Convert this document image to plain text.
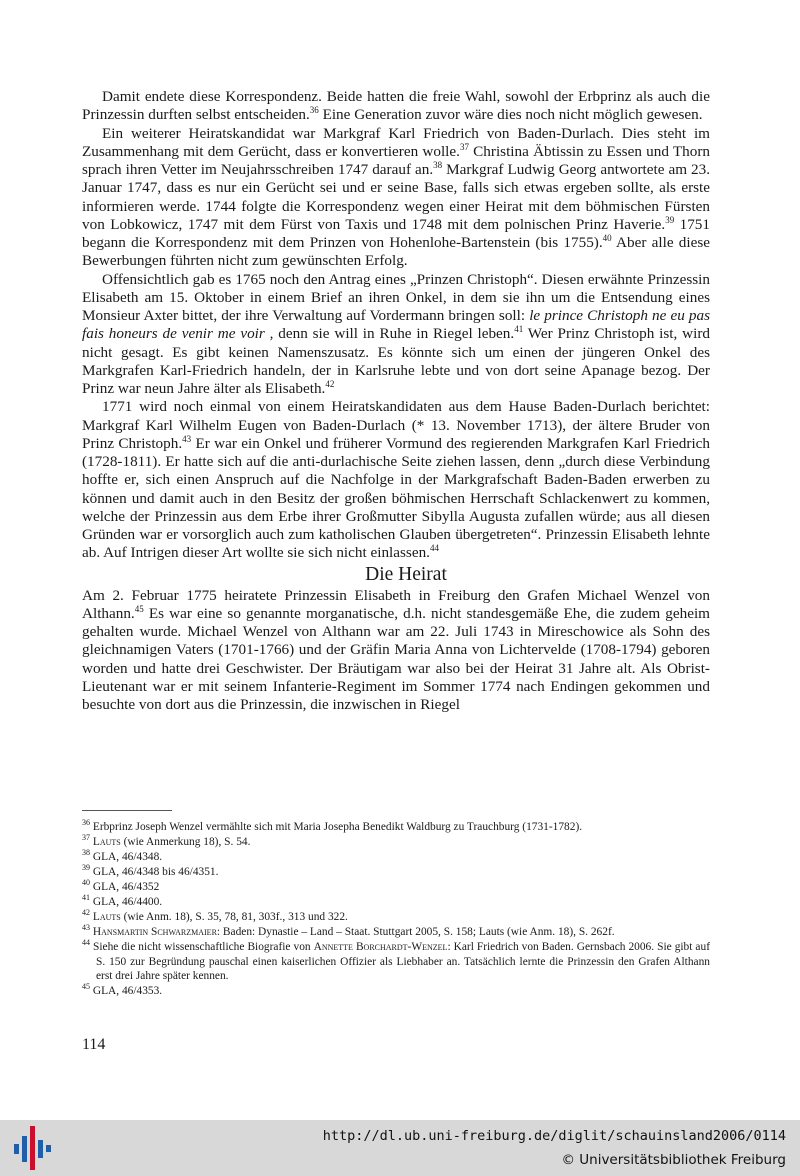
Damit endete diese Korrespondenz. Beide hatten die freie Wahl, sowohl der Erbprinz als auch die Prinzessin durften selbst entscheiden.$^{36}$ Eine Generation zuvor wäre dies noch nicht möglich gewesen.

Ein weiterer Heiratskandidat war Markgraf Karl Friedrich von Baden-Durlach. Dies steht im Zusammenhang mit dem Gerücht, dass er konvertieren wolle.$^{37}$ Christina Äbtissin zu Essen und Thorn sprach ihren Vetter im Neujahrsschreiben 1747 darauf an.$^{38}$ Markgraf Ludwig Georg antwortete am 23. Januar 1747, dass es nur ein Gerücht sei und er seine Base, falls sich etwas ergeben sollte, als erste informieren werde. 1744 folgte die Korrespondenz wegen einer Heirat mit dem böhmischen Fürsten von Lobkowicz, 1747 mit dem Fürst von Taxis und 1748 mit dem polnischen Prinz Haverie.$^{39}$ 1751 begann die Korrespondenz mit dem Prinzen von Hohenlohe-Bartenstein (bis 1755).$^{40}$ Aber alle diese Bewerbungen führten nicht zum gewünschten Erfolg.

Offensichtlich gab es 1765 noch den Antrag eines „Prinzen Christoph“. Diesen erwähnte Prinzessin Elisabeth am 15. Oktober in einem Brief an ihren Onkel, in dem sie ihn um die Entsendung eines Monsieur Axter bittet, der ihre Verwaltung auf Vordermann bringen soll: le prince Christoph ne eu pas fais honeurs de venir me voir , denn sie will in Ruhe in Riegel leben.$^{41}$ Wer Prinz Christoph ist, wird nicht gesagt. Es gibt keinen Namenszusatz. Es könnte sich um einen der jüngeren Onkel des Markgrafen Karl-Friedrich handeln, der in Karlsruhe lebte und von dort seine Apanage bezog. Der Prinz war neun Jahre älter als Elisabeth.$^{42}$

1771 wird noch einmal von einem Heiratskandidaten aus dem Hause Baden-Durlach berichtet: Markgraf Karl Wilhelm Eugen von Baden-Durlach (* 13. November 1713), der ältere Bruder von Prinz Christoph.$^{43}$ Er war ein Onkel und früherer Vormund des regierenden Markgrafen Karl Friedrich (1728-1811). Er hatte sich auf die anti-durlachische Seite ziehen lassen, denn „durch diese Verbindung hoffte er, sich einen Anspruch auf die Nachfolge in der Markgrafschaft Baden-Baden erwerben zu können und damit auch in den Besitz der großen böhmischen Herrschaft Schlackenwert zu kommen, welche der Prinzessin aus dem Erbe ihrer Großmutter Sibylla Augusta zufallen würde; aus all diesen Gründen war er vorsorglich auch zum katholischen Glauben übergetreten“. Prinzessin Elisabeth lehnte ab. Auf Intrigen dieser Art wollte sie sich nicht einlassen.$^{44}$

Die Heirat

Am 2. Februar 1775 heiratete Prinzessin Elisabeth in Freiburg den Grafen Michael Wenzel von Althann.$^{45}$ Es war eine so genannte morganatische, d.h. nicht standesgemäße Ehe, die zudem geheim gehalten wurde. Michael Wenzel von Althann war am 22. Juli 1743 in Mireschowice als Sohn des gleichnamigen Vaters (1701-1766) und der Gräfin Maria Anna von Lichtervelde (1708-1794) geboren worden und hatte drei Geschwister. Der Bräutigam war also bei der Heirat 31 Jahre alt. Als Obrist-Lieutenant war er mit seinem Infanterie-Regiment im Sommer 1774 nach Endingen gekommen und besuchte von dort aus die Prinzessin, die inzwischen in Riegel

$^{36}$ Erbprinz Joseph Wenzel vermählte sich mit Maria Josepha Benedikt Waldburg zu Trauchburg (1731-1782).

$^{37}$ Lauts (wie Anmerkung 18), S. 54.

$^{38}$ GLA, 46/4348.

$^{39}$ GLA, 46/4348 bis 46/4351.

$^{40}$ GLA, 46/4352

$^{41}$ GLA, 46/4400.

$^{42}$ Lauts (wie Anm. 18), S. 35, 78, 81, 303f., 313 und 322.

$^{43}$ Hansmartin Schwarzmaier: Baden: Dynastie – Land – Staat. Stuttgart 2005, S. 158; Lauts (wie Anm. 18), S. 262f.

$^{44}$ Siehe die nicht wissenschaftliche Biografie von Annette Borchardt-Wenzel: Karl Friedrich von Baden. Gernsbach 2006. Sie gibt auf S. 150 zur Begründung pauschal einen kaiserlichen Offizier als Liebhaber an. Tatsächlich lernte die Prinzessin den Grafen Althann erst drei Jahre später kennen.

$^{45}$ GLA, 46/4353.

114
http://dl.ub.uni-freiburg.de/diglit/schauinsland2006/0114
© Universitätsbibliothek Freiburg
